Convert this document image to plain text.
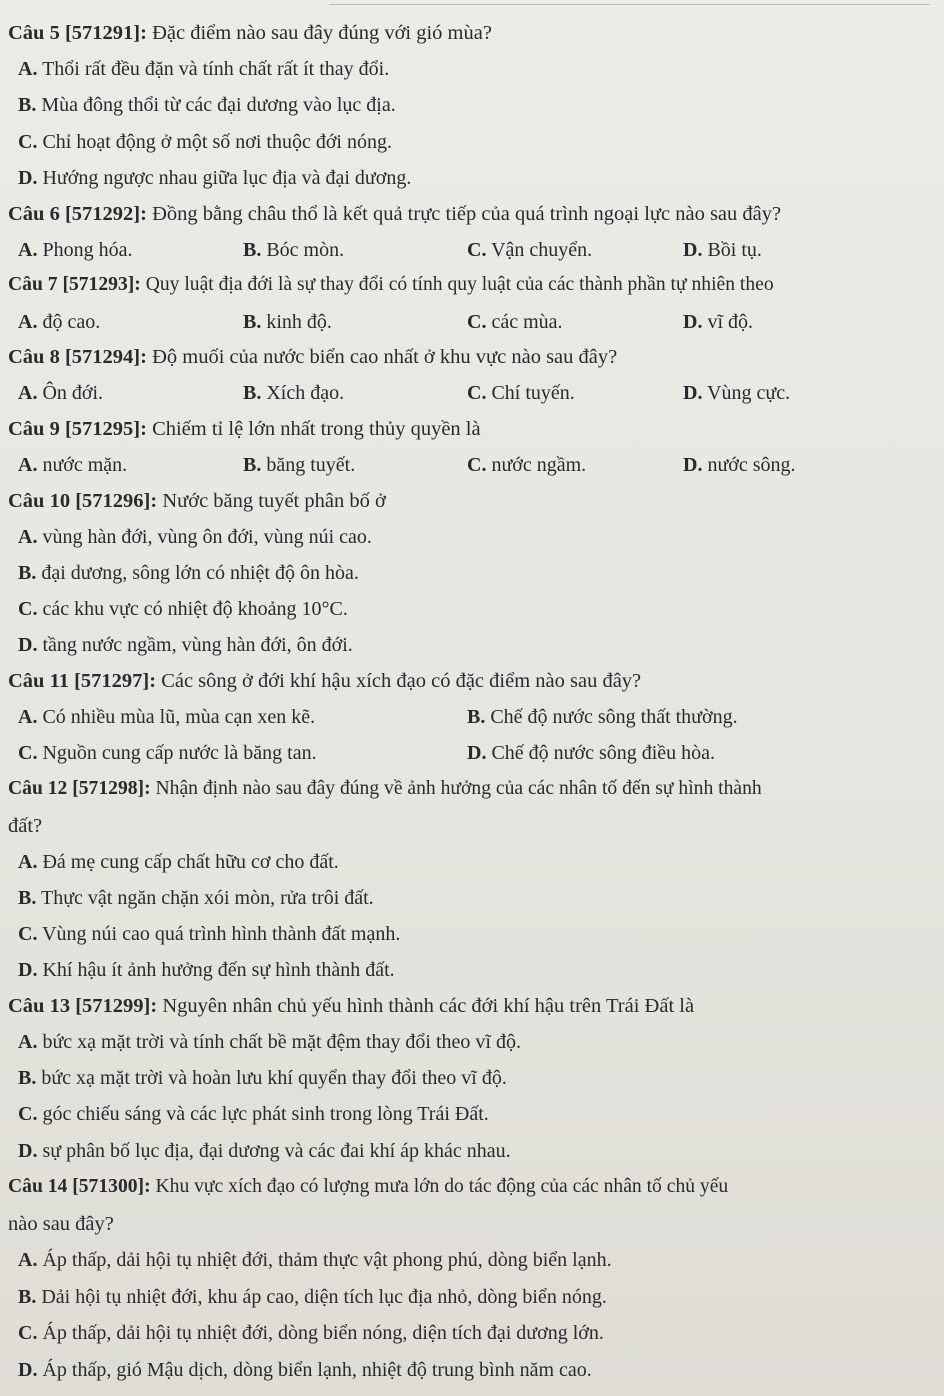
Câu 5 [571291]: Đặc điểm nào sau đây đúng với gió mùa?
A. Thổi rất đều đặn và tính chất rất ít thay đổi.
B. Mùa đông thổi từ các đại dương vào lục địa.
C. Chỉ hoạt động ở một số nơi thuộc đới nóng.
D. Hướng ngược nhau giữa lục địa và đại dương.
Câu 6 [571292]: Đồng bằng châu thổ là kết quả trực tiếp của quá trình ngoại lực nào sau đây?
A. Phong hóa.	B. Bóc mòn.	C. Vận chuyển.	D. Bồi tụ.
Câu 7 [571293]: Quy luật địa đới là sự thay đổi có tính quy luật của các thành phần tự nhiên theo
A. độ cao.	B. kinh độ.	C. các mùa.	D. vĩ độ.
Câu 8 [571294]: Độ muối của nước biển cao nhất ở khu vực nào sau đây?
A. Ôn đới.	B. Xích đạo.	C. Chí tuyến.	D. Vùng cực.
Câu 9 [571295]: Chiếm tỉ lệ lớn nhất trong thủy quyền là
A. nước mặn.	B. băng tuyết.	C. nước ngầm.	D. nước sông.
Câu 10 [571296]: Nước băng tuyết phân bố ở
A. vùng hàn đới, vùng ôn đới, vùng núi cao.
B. đại dương, sông lớn có nhiệt độ ôn hòa.
C. các khu vực có nhiệt độ khoảng 10°C.
D. tầng nước ngầm, vùng hàn đới, ôn đới.
Câu 11 [571297]: Các sông ở đới khí hậu xích đạo có đặc điểm nào sau đây?
A. Có nhiều mùa lũ, mùa cạn xen kẽ.	B. Chế độ nước sông thất thường.
C. Nguồn cung cấp nước là băng tan.	D. Chế độ nước sông điều hòa.
Câu 12 [571298]: Nhận định nào sau đây đúng về ảnh hưởng của các nhân tố đến sự hình thành
đất?
A. Đá mẹ cung cấp chất hữu cơ cho đất.
B. Thực vật ngăn chặn xói mòn, rửa trôi đất.
C. Vùng núi cao quá trình hình thành đất mạnh.
D. Khí hậu ít ảnh hưởng đến sự hình thành đất.
Câu 13 [571299]: Nguyên nhân chủ yếu hình thành các đới khí hậu trên Trái Đất là
A. bức xạ mặt trời và tính chất bề mặt đệm thay đổi theo vĩ độ.
B. bức xạ mặt trời và hoàn lưu khí quyển thay đổi theo vĩ độ.
C. góc chiếu sáng và các lực phát sinh trong lòng Trái Đất.
D. sự phân bố lục địa, đại dương và các đai khí áp khác nhau.
Câu 14 [571300]: Khu vực xích đạo có lượng mưa lớn do tác động của các nhân tố chủ yếu
nào sau đây?
A. Áp thấp, dải hội tụ nhiệt đới, thảm thực vật phong phú, dòng biển lạnh.
B. Dải hội tụ nhiệt đới, khu áp cao, diện tích lục địa nhỏ, dòng biển nóng.
C. Áp thấp, dải hội tụ nhiệt đới, dòng biển nóng, diện tích đại dương lớn.
D. Áp thấp, gió Mậu dịch, dòng biển lạnh, nhiệt độ trung bình năm cao.
